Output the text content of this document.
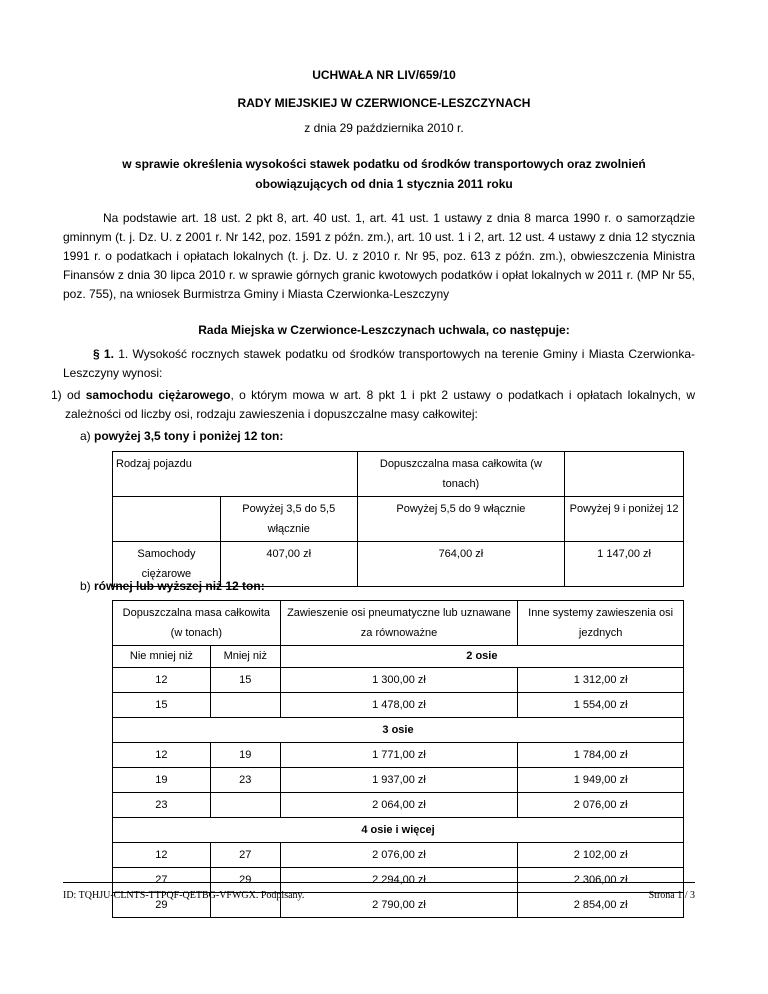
UCHWAŁA NR LIV/659/10
RADY MIEJSKIEJ W CZERWIONCE-LESZCZYNACH
z dnia 29 października 2010 r.
w sprawie określenia wysokości stawek podatku od środków transportowych oraz zwolnień
obowiązujących od dnia 1 stycznia 2011 roku
Na podstawie art. 18 ust. 2 pkt 8, art. 40 ust. 1, art. 41 ust. 1 ustawy z dnia 8 marca 1990 r. o samorządzie gminnym (t. j. Dz. U. z 2001 r. Nr 142, poz. 1591 z późn. zm.), art. 10 ust. 1 i 2, art. 12 ust. 4 ustawy z dnia 12 stycznia 1991 r. o podatkach i opłatach lokalnych (t. j. Dz. U. z 2010 r. Nr 95, poz. 613 z późn. zm.), obwieszczenia Ministra Finansów z dnia 30 lipca 2010 r. w sprawie górnych granic kwotowych podatków i opłat lokalnych w 2011 r. (MP Nr 55, poz. 755), na wniosek Burmistrza Gminy i Miasta Czerwionka-Leszczyny
Rada Miejska w Czerwionce-Leszczynach uchwala, co następuje:
§ 1. 1. Wysokość rocznych stawek podatku od środków transportowych na terenie Gminy i Miasta Czerwionka-Leszczyny wynosi:
1) od samochodu ciężarowego, o którym mowa w art. 8 pkt 1 i pkt 2 ustawy o podatkach i opłatach lokalnych, w zależności od liczby osi, rodzaju zawieszenia i dopuszczalne masy całkowitej:
a) powyżej 3,5 tony i poniżej 12 ton:
Rodzaj pojazdu		Dopuszczalna masa całkowita (w tonach)	
	Powyżej 3,5 do 5,5 włącznie	Powyżej 5,5 do 9 włącznie	Powyżej 9 i poniżej 12
Samochody ciężarowe	407,00 zł	764,00 zł	1 147,00 zł
b) równej lub wyższej niż 12 ton:
Dopuszczalna masa całkowita (w tonach)		Zawieszenie osi pneumatyczne lub uznawane za równoważne	Inne systemy zawieszenia osi jezdnych
Nie mniej niż	Mniej niż	2 osie	
12	15	1 300,00 zł	1 312,00 zł
15		1 478,00 zł	1 554,00 zł
3 osie			
12	19	1 771,00 zł	1 784,00 zł
19	23	1 937,00 zł	1 949,00 zł
23		2 064,00 zł	2 076,00 zł
4 osie i więcej			
12	27	2 076,00 zł	2 102,00 zł
27	29	2 294,00 zł	2 306,00 zł
29		2 790,00 zł	2 854,00 zł
ID: TQHJU-CLNTS-TTPQF-QETBG-VFWGX. Podpisany.	Strona 1 / 3
